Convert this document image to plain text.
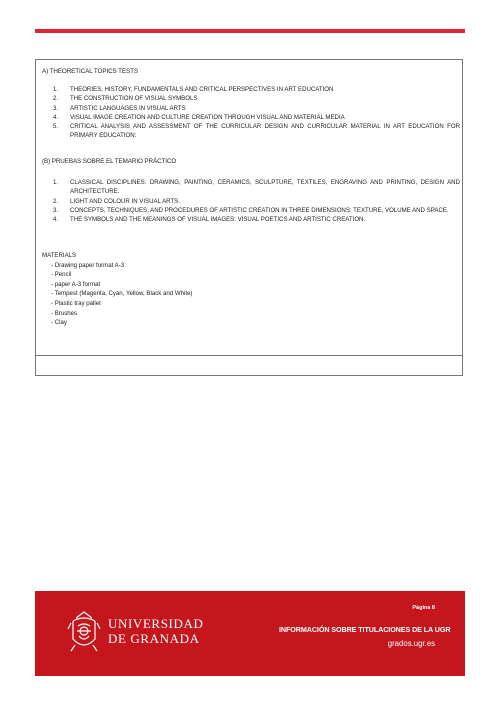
A) THEORETICAL TOPICS TESTS
1. THEORIES, HISTORY, FUNDAMENTALS AND CRITICAL PERSPECTIVES IN ART EDUCATION
2. THE CONSTRUCTION OF VISUAL SYMBOLS
3. ARTISTIC LANGUAGES IN VISUAL ARTS
4. VISUAL IMAGE CREATION AND CULTURE CREATION THROUGH VISUAL AND MATERIAL MEDIA
5. CRITICAL ANALYSIS AND ASSESSMENT OF THE CURRICULAR DESIGN AND CURRICULAR MATERIAL IN ART EDUCATION FOR PRIMARY EDUCATION:
(B) PRUEBAS SOBRE EL TEMARIO PRÁCTICO
1. CLASSICAL DISCIPLINES: DRAWING, PAINTING, CERAMICS, SCULPTURE, TEXTILES, ENGRAVING AND PRINTING, DESIGN AND ARCHITECTURE.
2. LIGHT AND COLOUR IN VISUAL ARTS.
3. CONCEPTS, TECHNIQUES, AND PROCEDURES OF ARTISTIC CREATION IN THREE DIMENSIONS: TEXTURE, VOLUME AND SPACE.
4. THE SYMBOLS AND THE MEANINGS OF VISUAL IMAGES: VISUAL POETICS AND ARTISTIC CREATION.
MATERIALS
- Drawing paper format A-3
- Pencil
- paper A-3 format
- Tempest (Magenta, Cyan, Yellow, Black and White)
- Plastic tray pallet
- Brushes
- Clay
UNIVERSIDAD
DE GRANADA
Página 8
INFORMACIÓN SOBRE TITULACIONES DE LA UGR
grados.ugr.es
